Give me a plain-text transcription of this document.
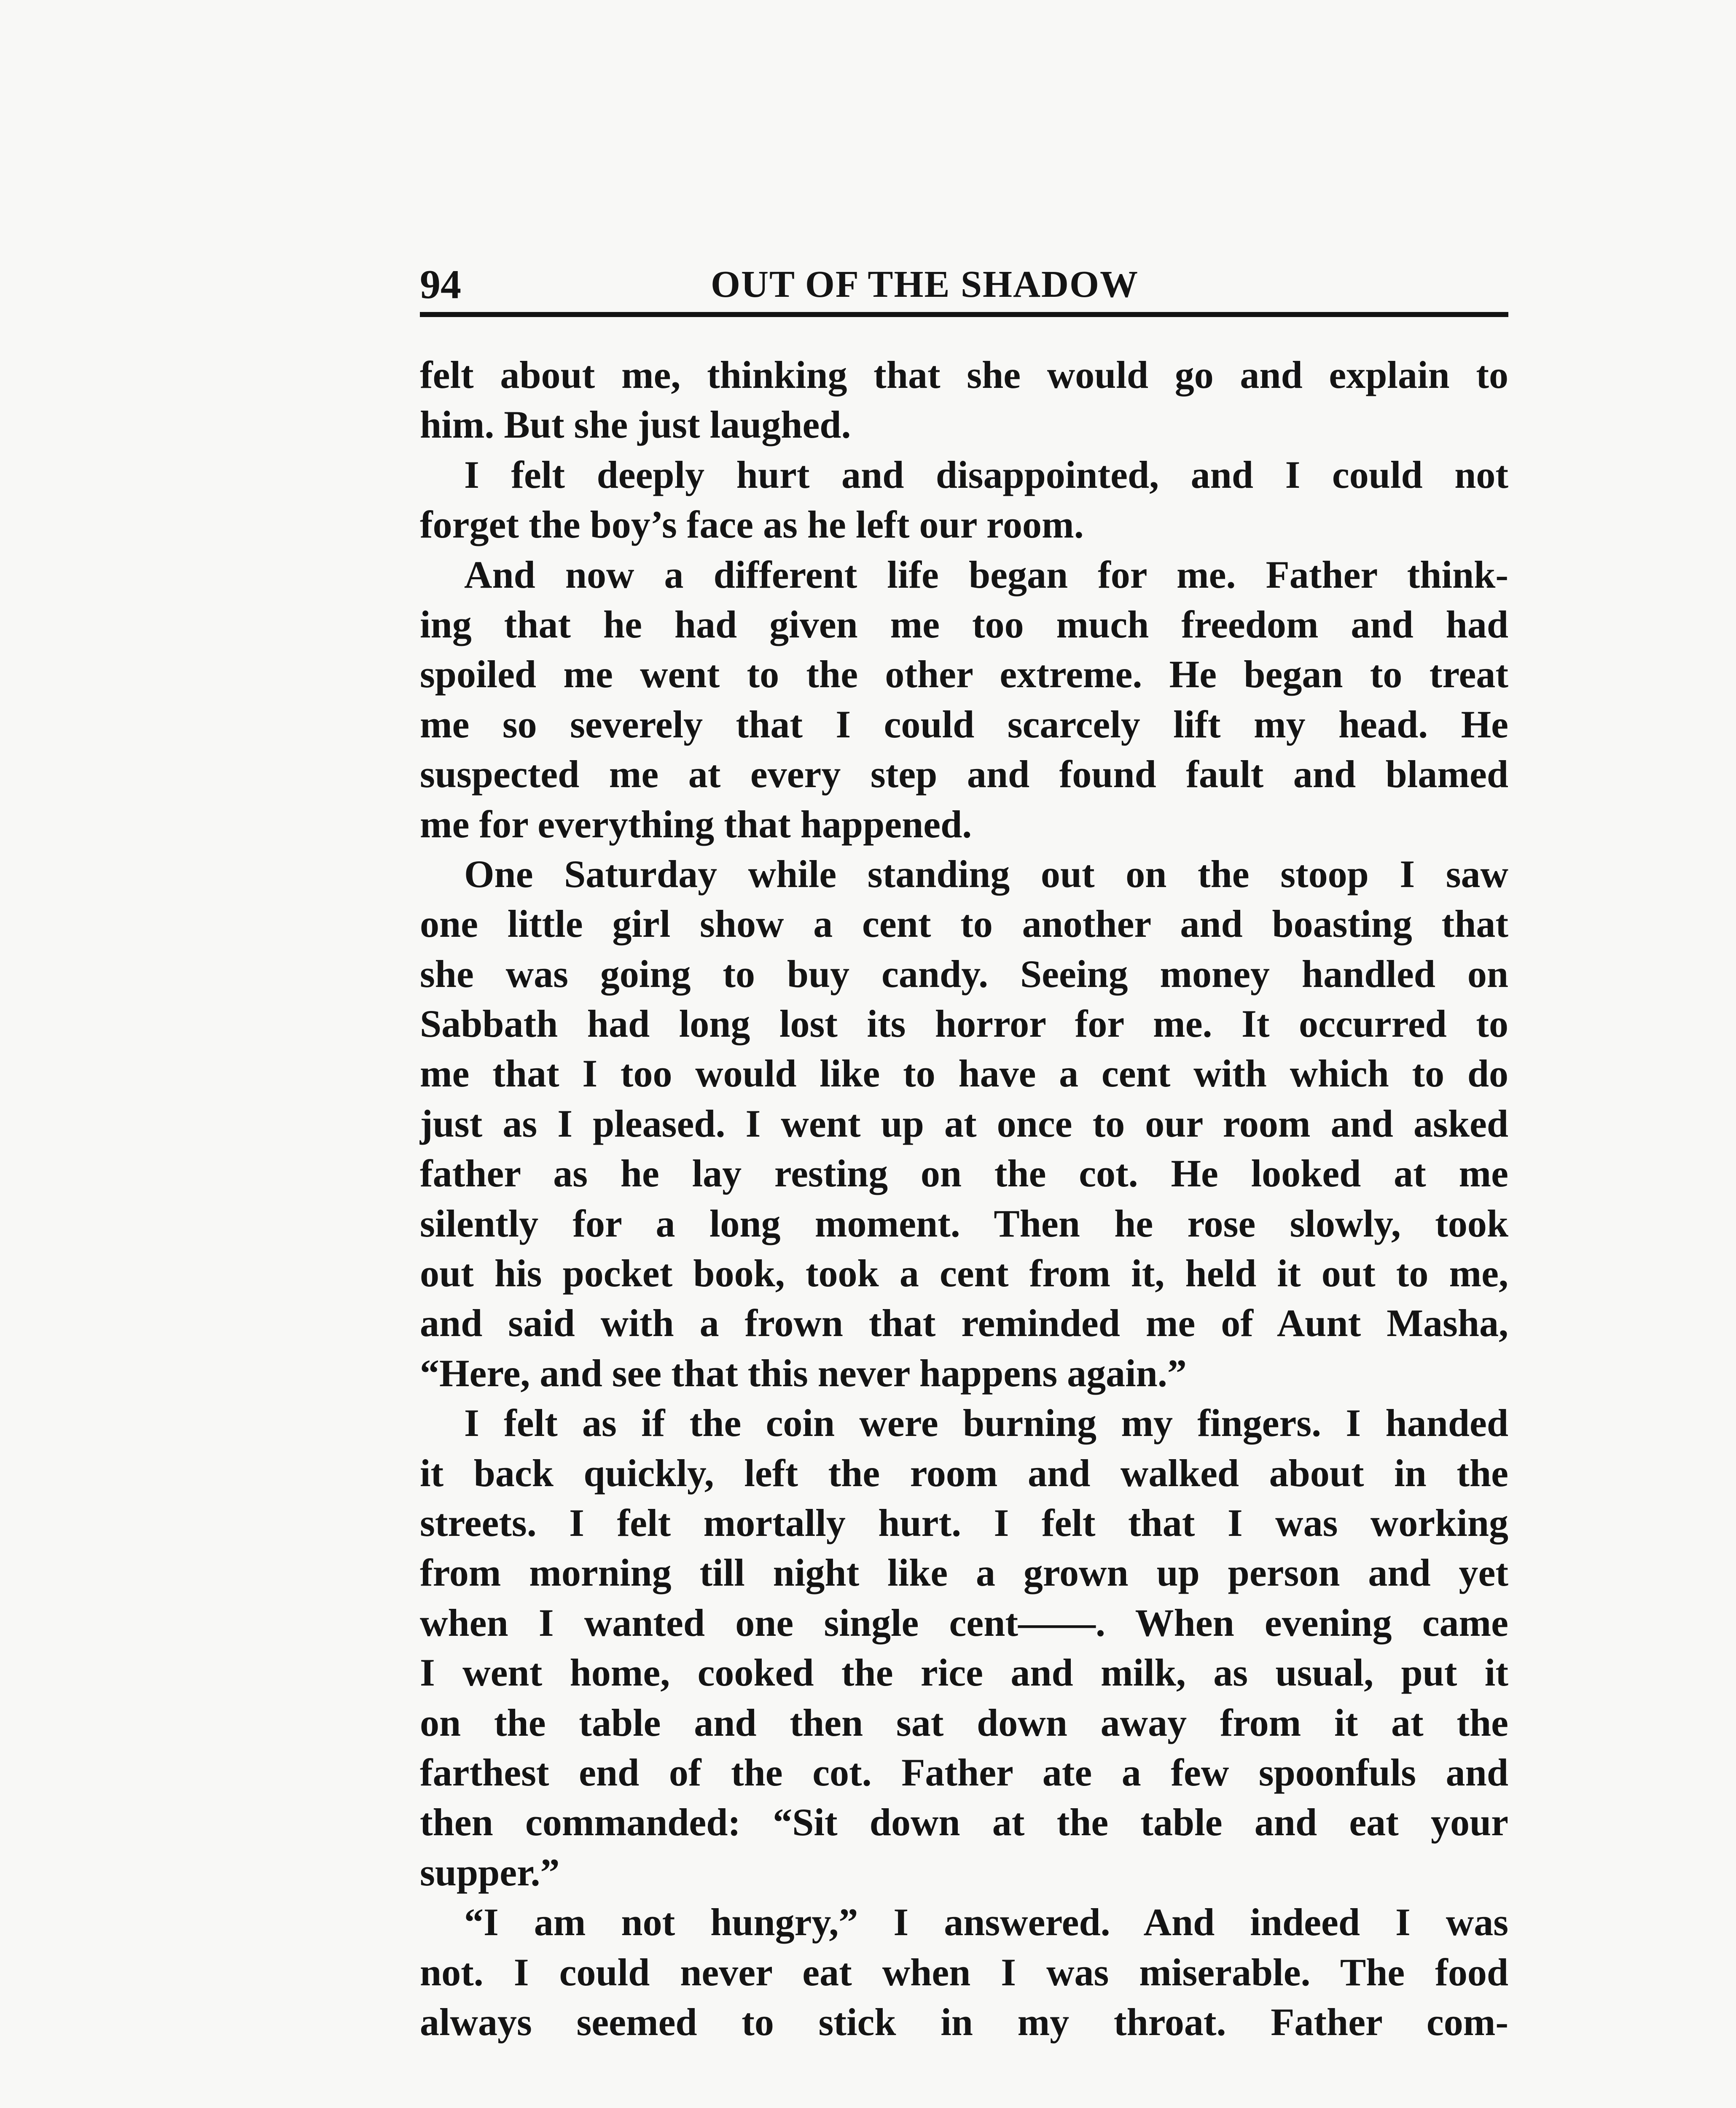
94	OUT OF THE SHADOW
felt about me, thinking that she would go and explain to
him. But she just laughed.
I felt deeply hurt and disappointed, and I could not
forget the boy’s face as he left our room.
And now a different life began for me. Father think-
ing that he had given me too much freedom and had
spoiled me went to the other extreme. He began to treat
me so severely that I could scarcely lift my head. He
suspected me at every step and found fault and blamed
me for everything that happened.
One Saturday while standing out on the stoop I saw
one little girl show a cent to another and boasting that
she was going to buy candy. Seeing money handled on
Sabbath had long lost its horror for me. It occurred to
me that I too would like to have a cent with which to do
just as I pleased. I went up at once to our room and asked
father as he lay resting on the cot. He looked at me
silently for a long moment. Then he rose slowly, took
out his pocket book, took a cent from it, held it out to me,
and said with a frown that reminded me of Aunt Masha,
“Here, and see that this never happens again.”
I felt as if the coin were burning my fingers. I handed
it back quickly, left the room and walked about in the
streets. I felt mortally hurt. I felt that I was working
from morning till night like a grown up person and yet
when I wanted one single cent——. When evening came
I went home, cooked the rice and milk, as usual, put it
on the table and then sat down away from it at the
farthest end of the cot. Father ate a few spoonfuls and
then commanded: “Sit down at the table and eat your
supper.”
“I am not hungry,” I answered. And indeed I was
not. I could never eat when I was miserable. The food
always seemed to stick in my throat. Father com-
